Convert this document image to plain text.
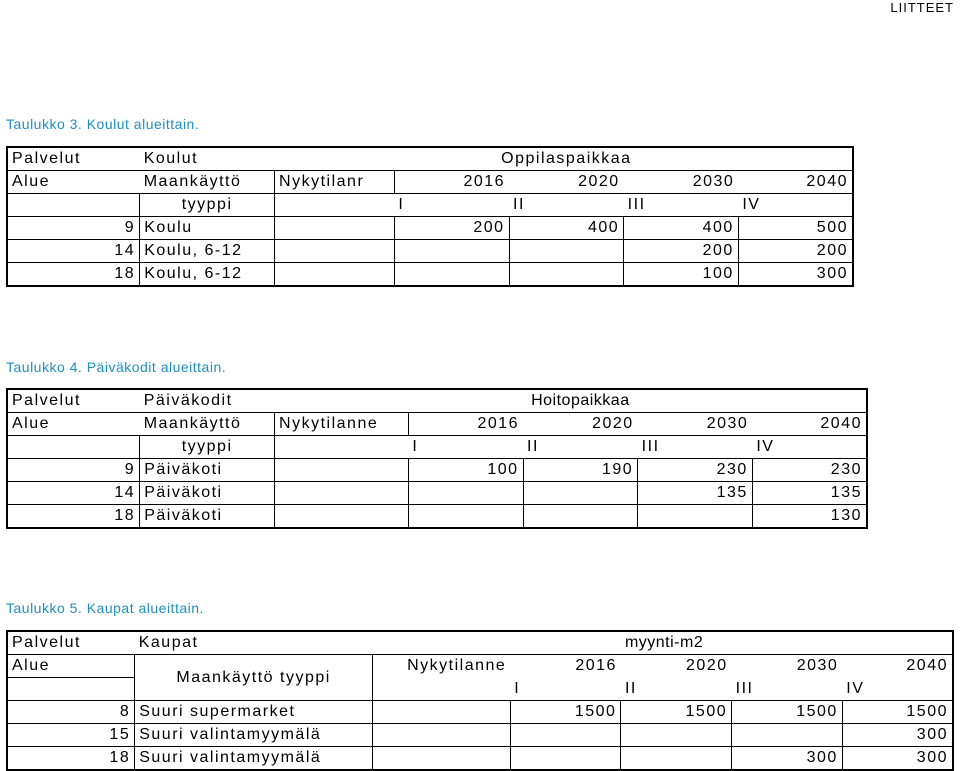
LIITTEET
Taulukko 3. Koulut alueittain.
Palvelut	Koulut		Oppilaspaikkaa			
Alue	Maankäyttö	Nykytilanr	2016	2020	2030	2040
	tyyppi		I	II	III	IV
9	Koulu		200	400	400	500
14	Koulu, 6-12				200	200
18	Koulu, 6-12				100	300
Taulukko 4. Päiväkodit alueittain.
Palvelut	Päiväkodit		Hoitopaikkaa			
Alue	Maankäyttö	Nykytilanne	2016	2020	2030	2040
	tyyppi		I	II	III	IV
9	Päiväkoti		100	190	230	230
14	Päiväkoti				135	135
18	Päiväkoti					130
Taulukko 5. Kaupat alueittain.
Palvelut	Kaupat			myynti-m2		
Alue	Maankäyttö tyyppi	Nykytilanne	2016	2020	2030	2040
			I	II	III	IV
8	Suuri supermarket		1500	1500	1500	1500
15	Suuri valintamyymälä					300
18	Suuri valintamyymälä				300	300
